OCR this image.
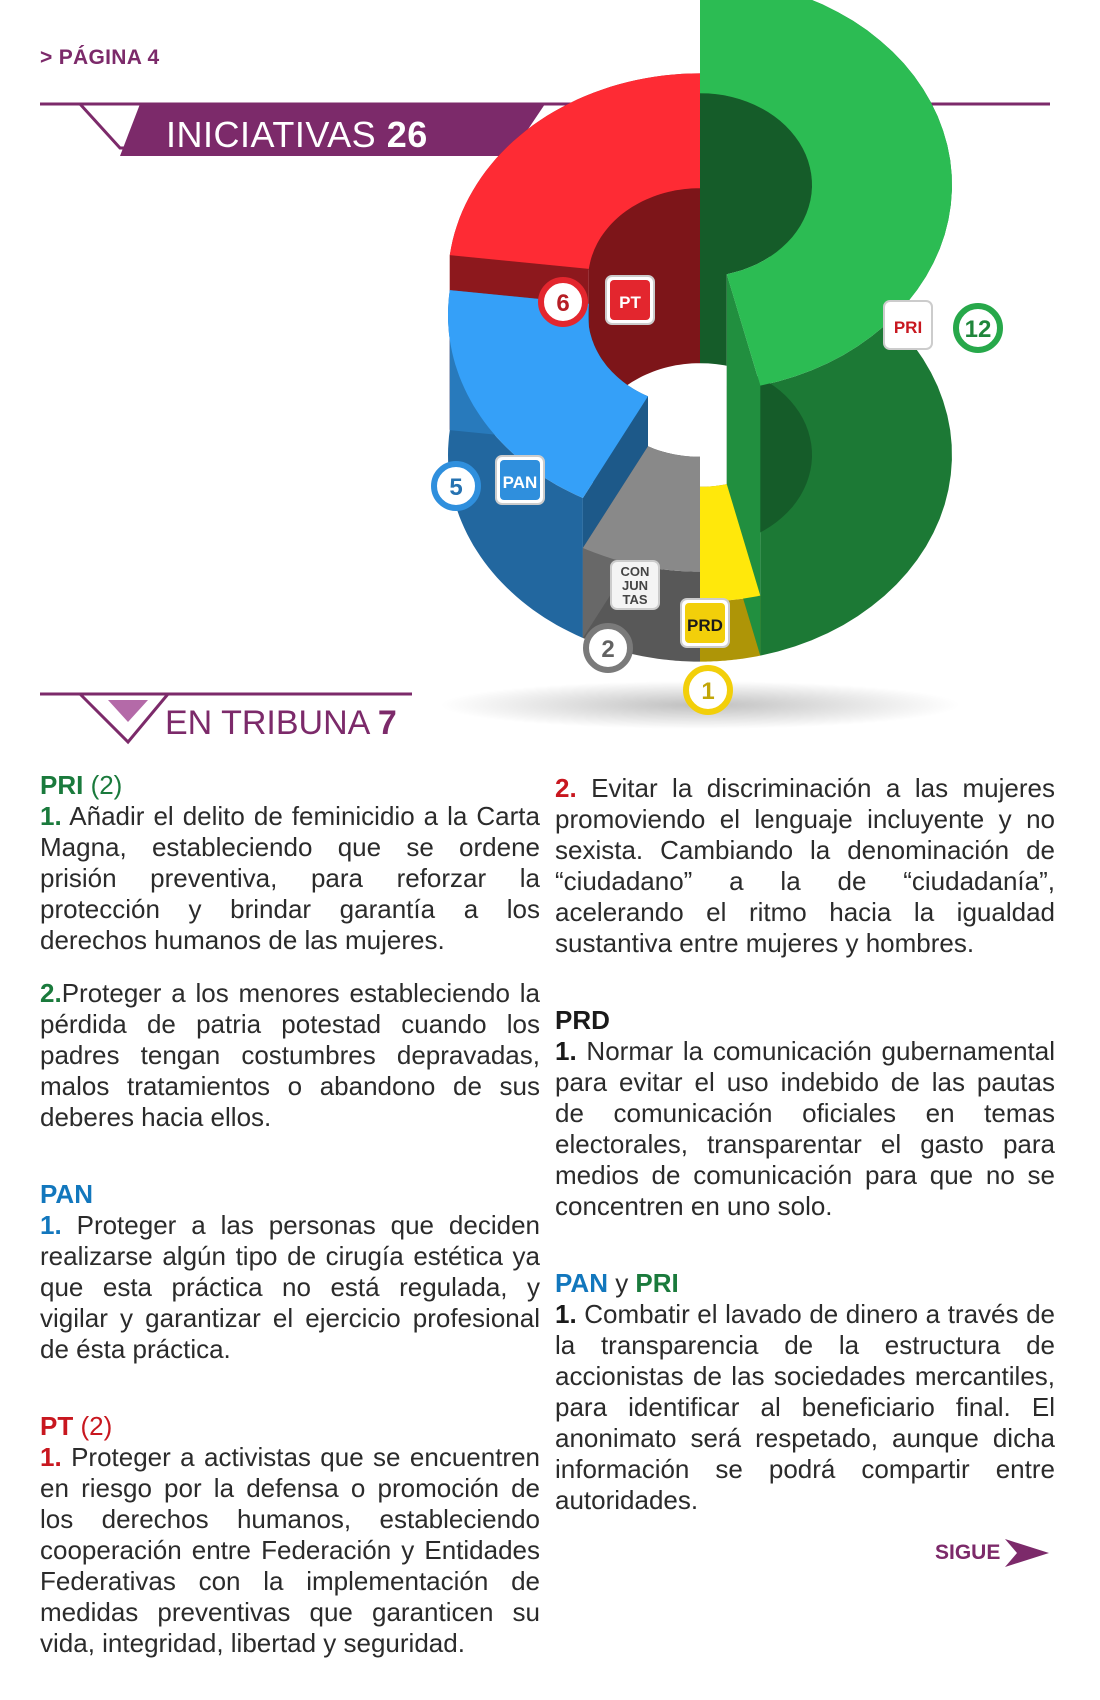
> PÁGINA 4
INICIATIVAS 26
EN TRIBUNA 7
12
PRI
1
PRD
2
CON
JUN
TAS
5 PAN
6	PT

PRI (2)

1. Añadir el delito de feminicidio a la Carta Magna, estableciendo que se ordene prisión preventiva, para reforzar la protección y brindar garantía a los derechos humanos de las mujeres.

2.Proteger a los menores estableciendo la pérdida de patria potestad cuando los padres tengan costumbres depravadas, malos tratamientos o abandono de sus deberes hacia ellos.

PAN

1. Proteger a las personas que deciden realizarse algún tipo de cirugía estética ya que esta práctica no está regulada, y vigilar y garantizar el ejercicio profesional de ésta práctica.

PT (2)

1. Proteger a activistas que se encuentren en riesgo por la defensa o promoción de los derechos humanos, estableciendo cooperación entre Federación y Entidades Federativas con la implementación de medidas preventivas que garanticen su vida, integridad, libertad y seguridad.

2. Evitar la discriminación a las mujeres promoviendo el lenguaje incluyente y no sexista. Cambiando la denominación de “ciudadano” a la de “ciudadanía”, acelerando el ritmo hacia la igualdad sustantiva entre mujeres y hombres.

PRD

1. Normar la comunicación gubernamental para evitar el uso indebido de las pautas de comunicación oficiales en temas electorales, transparentar el gasto para medios de comunicación para que no se concentren en uno solo.

PAN y PRI

1. Combatir el lavado de dinero a través de la transparencia de la estructura de accionistas de las sociedades mercantiles, para identificar al beneficiario final. El anonimato será respetado, aunque dicha información se podrá compartir entre autoridades.

SIGUE
